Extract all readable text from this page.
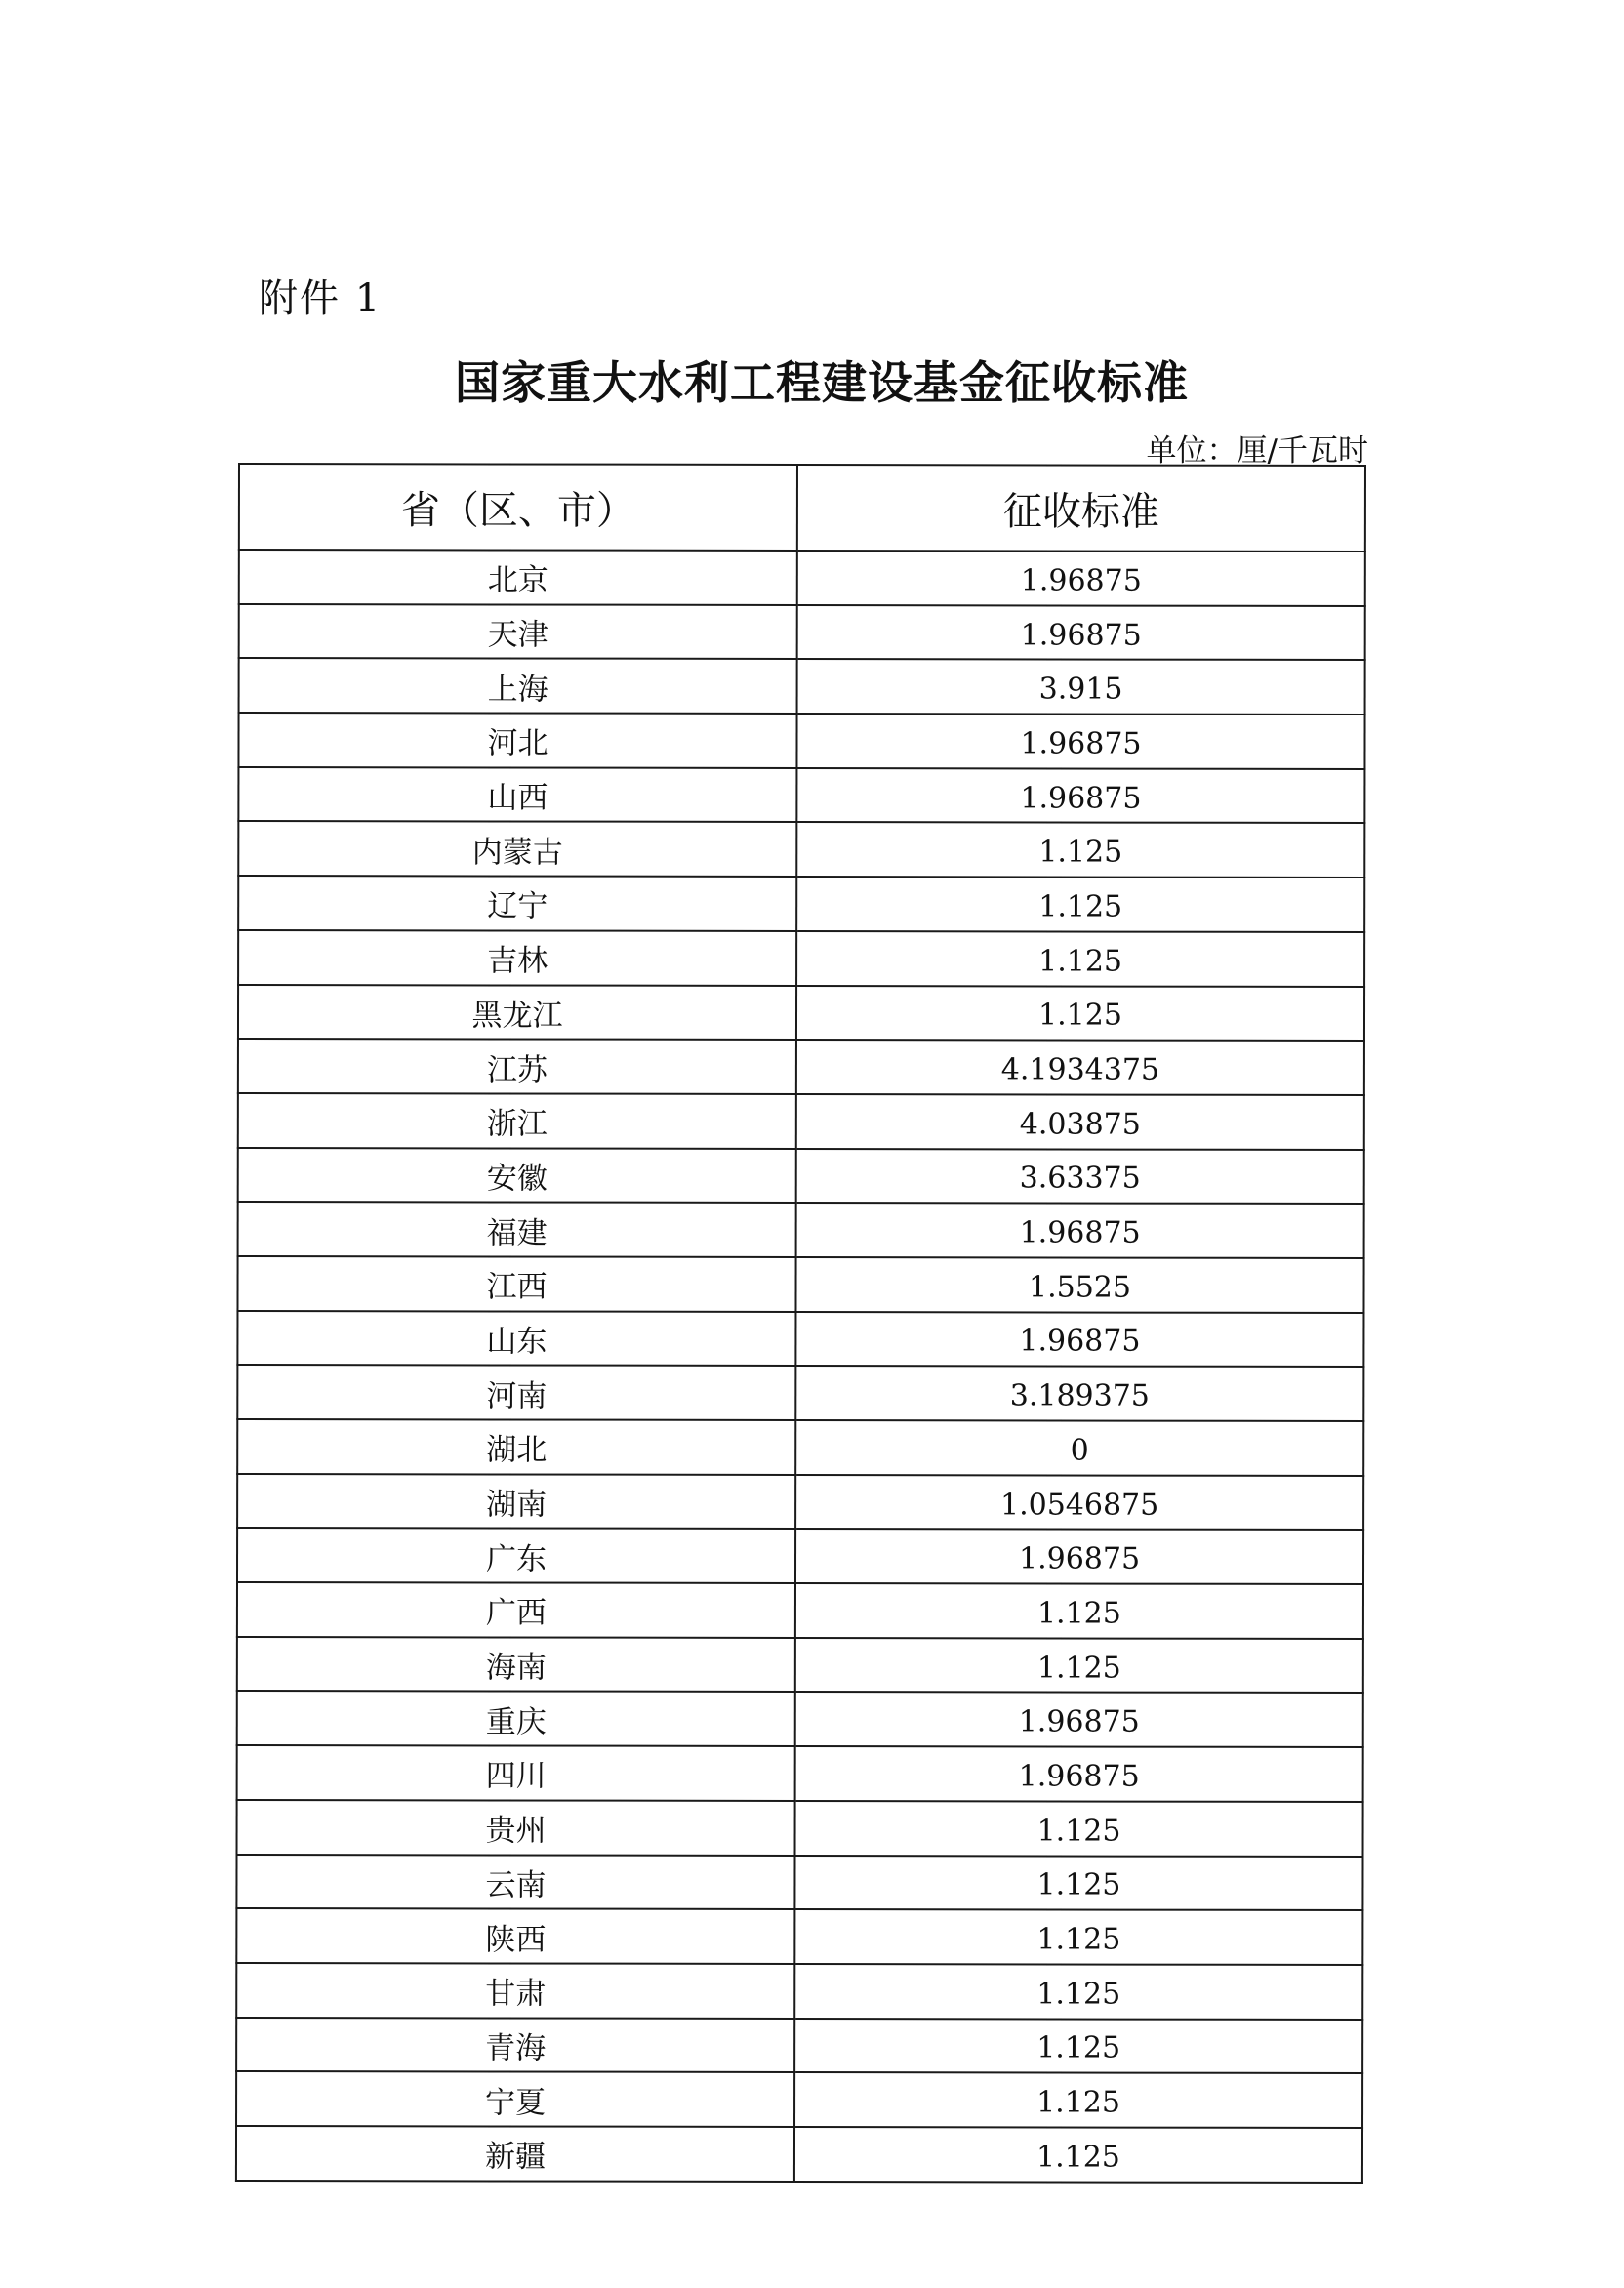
附件 1
国家重大水利工程建设基金征收标准
单位：厘/千瓦时
省（区、市）	征收标准
北京	1.96875
天津	1.96875
上海	3.915
河北	1.96875
山西	1.96875
内蒙古	1.125
辽宁	1.125
吉林	1.125
黑龙江	1.125
江苏	4.1934375
浙江	4.03875
安徽	3.63375
福建	1.96875
江西	1.5525
山东	1.96875
河南	3.189375
湖北	0
湖南	1.0546875
广东	1.96875
广西	1.125
海南	1.125
重庆	1.96875
四川	1.96875
贵州	1.125
云南	1.125
陕西	1.125
甘肃	1.125
青海	1.125
宁夏	1.125
新疆	1.125
